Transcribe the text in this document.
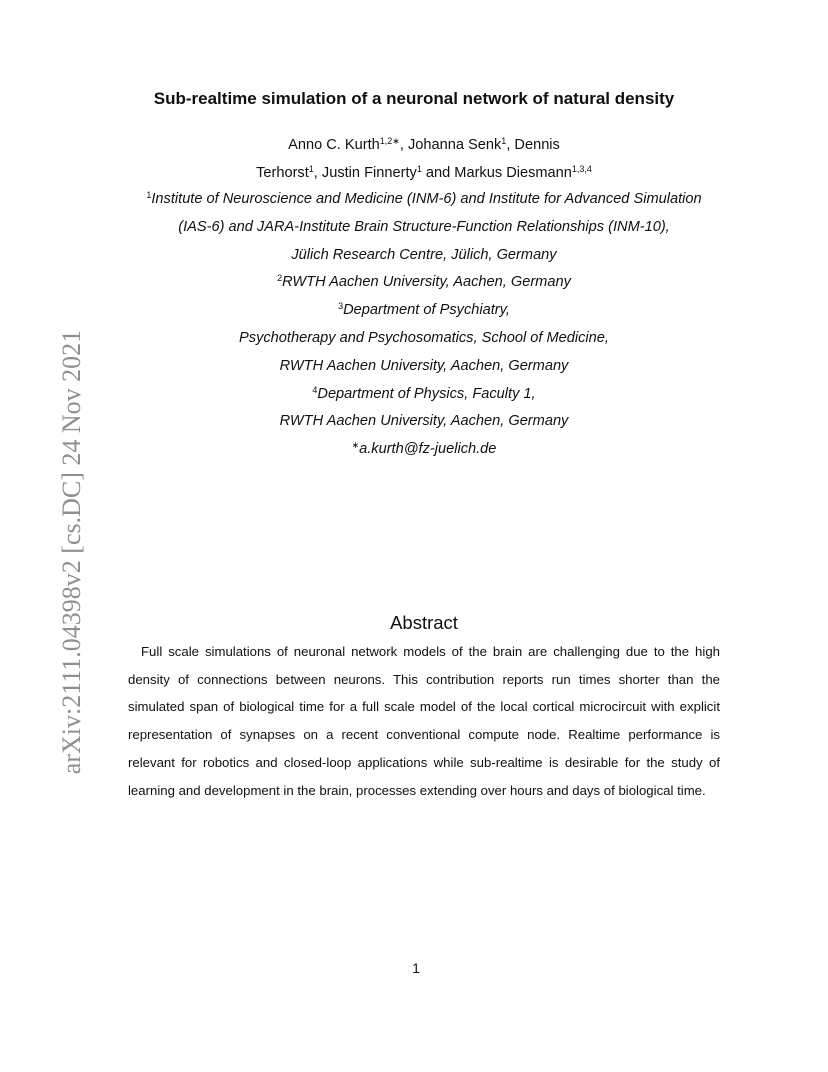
Sub-realtime simulation of a neuronal network of natural density
Anno C. Kurth$^{1,2∗}$, Johanna Senk$^1$, Dennis
Terhorst$^1$, Justin Finnerty$^1$ and Markus Diesmann$^{1,3,4}$
$^1$Institute of Neuroscience and Medicine (INM-6) and Institute for Advanced Simulation
(IAS-6) and JARA-Institute Brain Structure-Function Relationships (INM-10),
Jülich Research Centre, Jülich, Germany
$^2$RWTH Aachen University, Aachen, Germany
$^3$Department of Psychiatry,
Psychotherapy and Psychosomatics, School of Medicine,
RWTH Aachen University, Aachen, Germany
$^4$Department of Physics, Faculty 1,
RWTH Aachen University, Aachen, Germany
∗a.kurth@fz-juelich.de
arXiv:2111.04398v2 [cs.DC] 24 Nov 2021	Abstract
Full scale simulations of neuronal network models of the brain are challenging due to the high density of connections between neurons. This contribution reports run times shorter than the simulated span of biological time for a full scale model of the local cortical microcircuit with explicit representation of synapses on a recent conventional compute node. Realtime performance is relevant for robotics and closed-loop applications while sub-realtime is desirable for the study of learning and development in the brain, processes extending over hours and days of biological time.
1
